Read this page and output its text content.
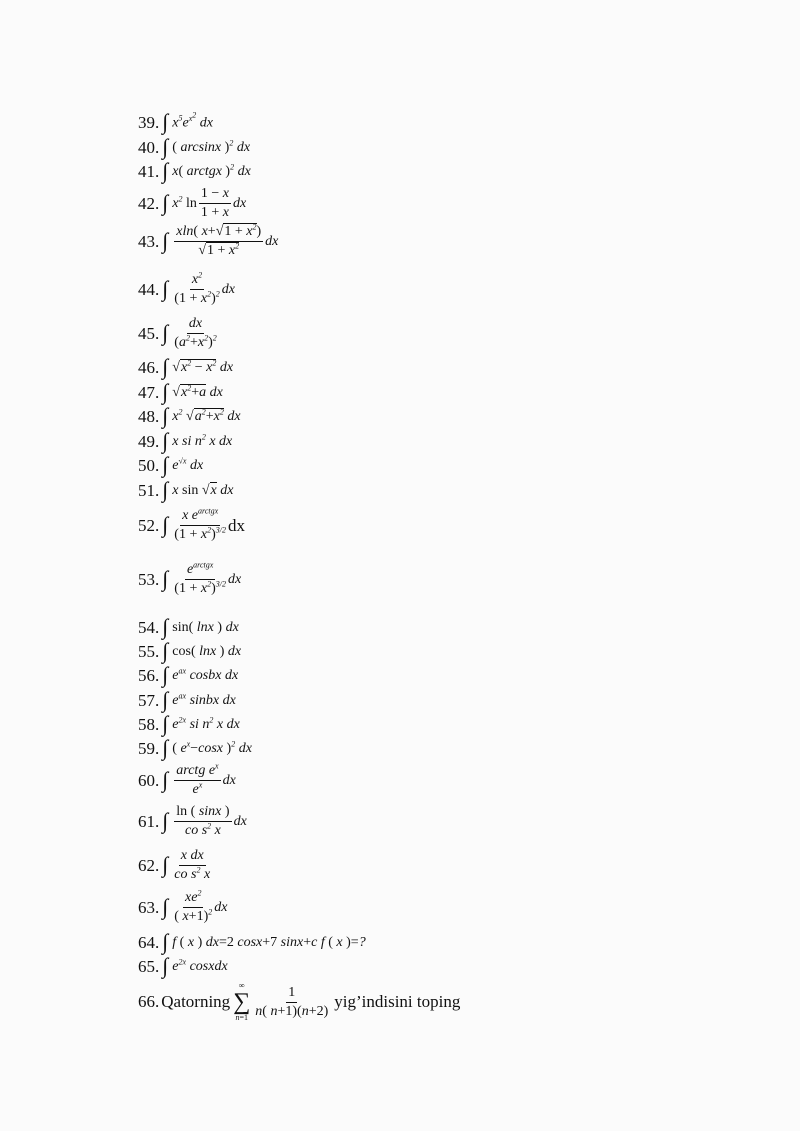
39. ∫ $x^5e^{x^2}$ dx
40. ∫ ( arcsinx )$^2$ dx
41. ∫ x( arctgx )$^2$ dx
42. ∫ $x^2$ $\ln \frac{1 - x}{1 + x}$ dx
43. ∫ $\frac{xln( x+√1 + x^2)}{√1 + x^2}$ dx
44. ∫ $\frac{x^2}{(1 + x^2)^2}$ dx
45. ∫ $\frac{dx}{(a^2+x^2)^2}$
46. ∫ $√x^2 - x^2$ dx
47. ∫ $√x^2+a$ dx
48. ∫ $x^2$ $√a^2+x^2$ dx
49. ∫ x si $n^2$ x dx
50. ∫ $e^{√x}$ dx
51. ∫ x sin √x dx
52. ∫ $\frac{x e^{arctgx}}{(1 + x^2)^{3/2}}$ dx
53. ∫ $\frac{e^{arctgx}}{(1 + x^2)^{3/2}}$ dx
54. ∫ sin( lnx ) dx
55. ∫ cos( lnx ) dx
56. ∫ $e^{ax}$ cosbx dx
57. ∫ $e^{ax}$ sinbx dx
58. ∫ $e^{2x}$ si $n^2$ x dx
59. ∫ ( $e^x-\cos x$ )$^2$ dx
60. ∫ $\frac{arctg e^x}{e^x}$ dx
61. ∫ $\frac{\ln ( \sin x )}{co s^2 x}$ dx
62. ∫ $\frac{\text{x dx}}{co s^2 x}$
63. ∫ $\frac{xe^2}{( x+1)^2}$ dx
64. ∫ f ( x ) dx=2 cosx+7 sinx+c f ( x )=?
65. ∫ $e^{2x}$ cosxdx
66. Qatorning
∞
∑
$n=1 \frac{1}{n( n+1)(n+2)}$ yig’indisini toping
